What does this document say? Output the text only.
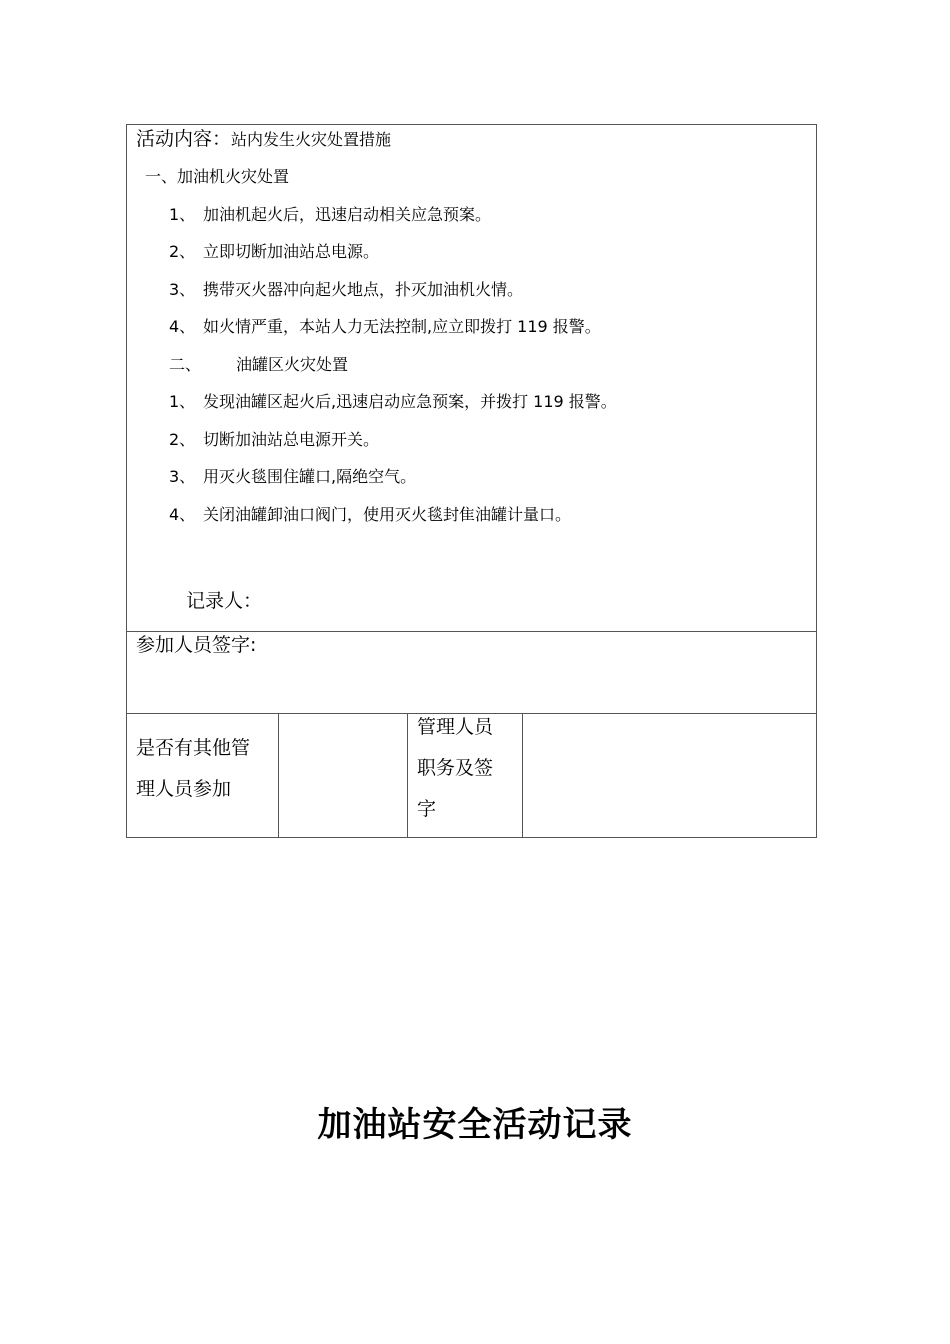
活动内容：站内发生火灾处置措施
一、加油机火灾处置
1、 加油机起火后，迅速启动相关应急预案。
2、 立即切断加油站总电源。
3、 携带灭火器冲向起火地点，扑灭加油机火情。
4、 如火情严重，本站人力无法控制,应立即拨打 119 报警。
二、 油罐区火灾处置
1、 发现油罐区起火后,迅速启动应急预案，并拨打 119 报警。
2、 切断加油站总电源开关。
3、 用灭火毯围住罐口,隔绝空气。
4、 关闭油罐卸油口阀门，使用灭火毯封隹油罐计量口。
记录人：

参加人员签字:

是否有其他管
理人员参加

管理人员
职务及签
字

加油站安全活动记录
